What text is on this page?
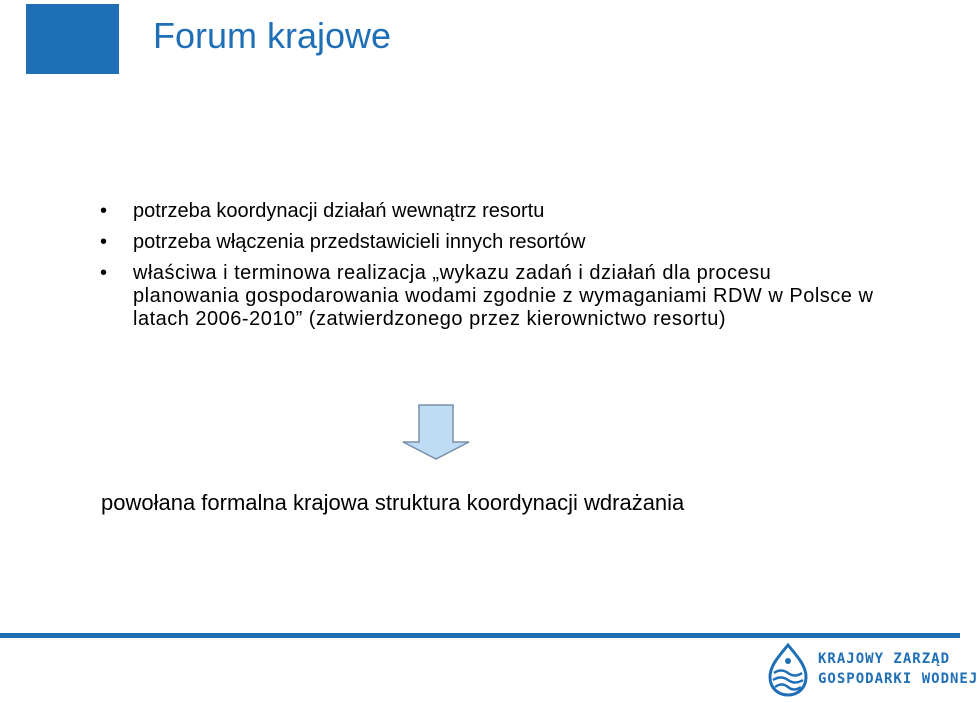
Forum krajowe
• potrzeba koordynacji działań wewnątrz resortu
• potrzeba włączenia przedstawicieli innych resortów
• właściwa i terminowa realizacja „wykazu zadań i działań dla procesu planowania gospodarowania wodami zgodnie z wymaganiami RDW w Polsce w latach 2006-2010” (zatwierdzonego przez kierownictwo resortu)

powołana formalna krajowa struktura koordynacji wdrażania

KRAJOWY ZARZĄD
GOSPODARKI WODNEJ
